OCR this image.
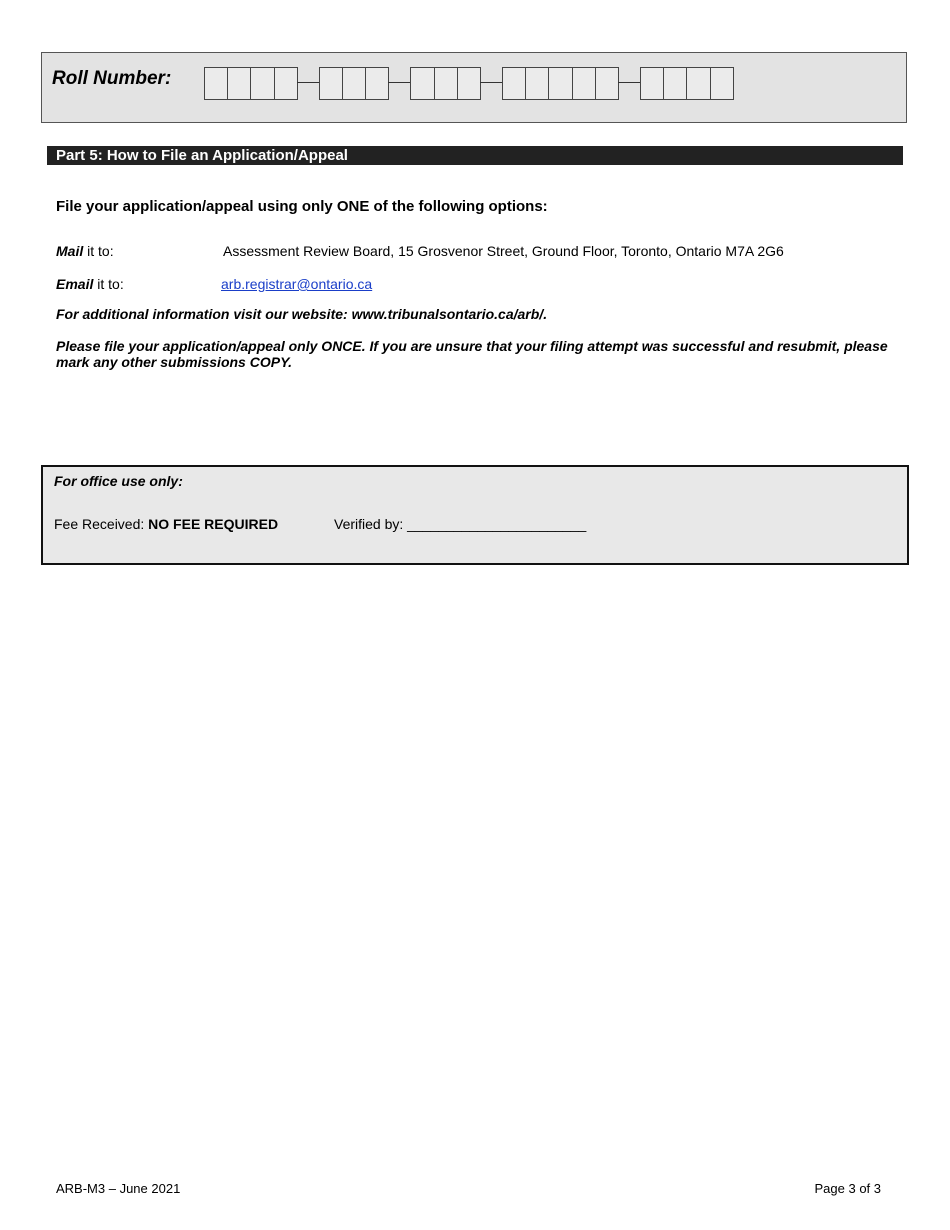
Roll Number:
Part 5: How to File an Application/Appeal
File your application/appeal using only ONE of the following options:
Mail it to:	Assessment Review Board, 15 Grosvenor Street, Ground Floor, Toronto, Ontario M7A 2G6
Email it to:	arb.registrar@ontario.ca
For additional information visit our website: www.tribunalsontario.ca/arb/.
Please file your application/appeal only ONCE. If you are unsure that your filing attempt was successful and resubmit, please mark any other submissions COPY.
For office use only:
Fee Received: NO FEE REQUIRED	Verified by: _______________________
ARB-M3 – June 2021	Page 3 of 3
